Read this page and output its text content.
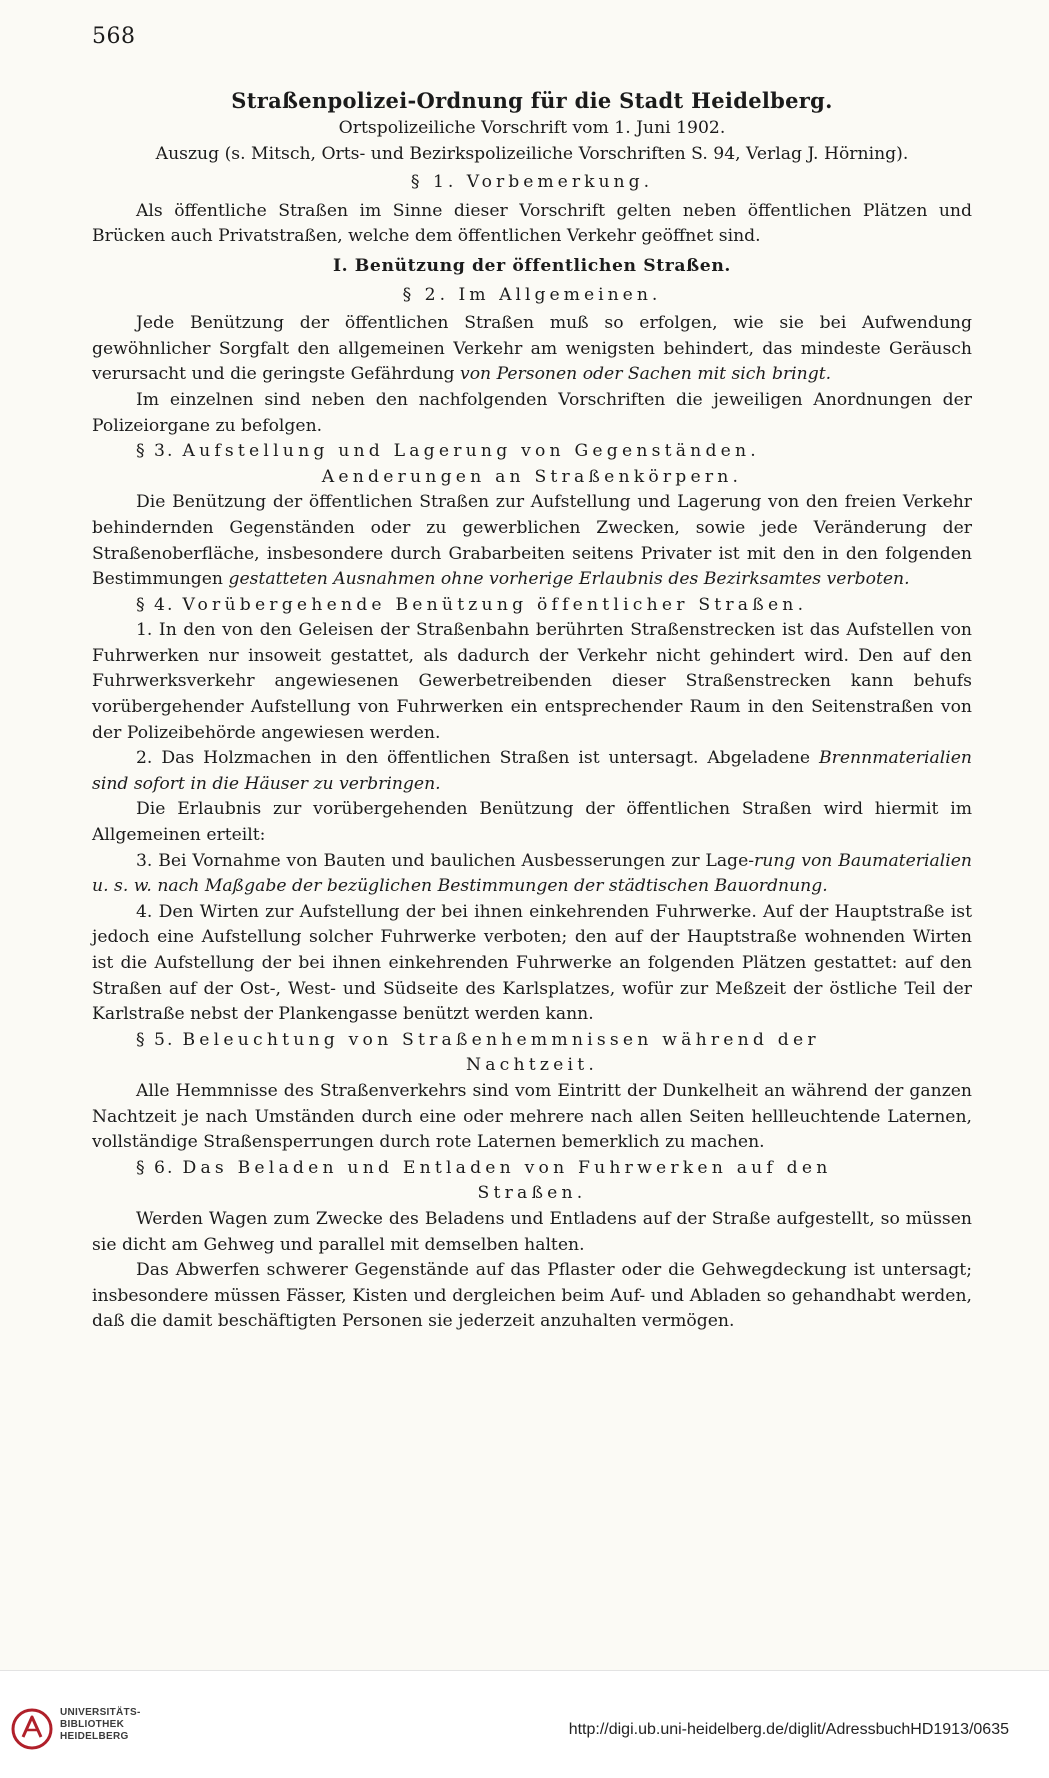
568
Straßenpolizei-Ordnung für die Stadt Heidelberg.
Ortspolizeiliche Vorschrift vom 1. Juni 1902.
Auszug (s. Mitsch, Orts- und Bezirkspolizeiliche Vorschriften S. 94, Verlag J. Hörning).
§ 1. Vorbemerkung.

Als öffentliche Straßen im Sinne dieser Vorschrift gelten neben öffentlichen Plätzen und Brücken auch Privatstraßen, welche dem öffentlichen Verkehr geöffnet sind.

I. Benützung der öffentlichen Straßen.
§ 2. Im Allgemeinen.

Jede Benützung der öffentlichen Straßen muß so erfolgen, wie sie bei Aufwendung gewöhnlicher Sorgfalt den allgemeinen Verkehr am wenigsten behindert, das mindeste Geräusch verursacht und die geringste Gefährdung von Personen oder Sachen mit sich bringt.

Im einzelnen sind neben den nachfolgenden Vorschriften die jeweiligen Anordnungen der Polizeiorgane zu befolgen.

§ 3. Aufstellung und Lagerung von Gegenständen.

Aenderungen an Straßenkörpern.

Die Benützung der öffentlichen Straßen zur Aufstellung und Lagerung von den freien Verkehr behindernden Gegenständen oder zu gewerblichen Zwecken, sowie jede Veränderung der Straßenoberfläche, insbesondere durch Grabarbeiten seitens Privater ist mit den in den folgenden Bestimmungen gestatteten Ausnahmen ohne vorherige Erlaubnis des Bezirksamtes verboten.

§ 4. Vorübergehende Benützung öffentlicher Straßen.

1. In den von den Geleisen der Straßenbahn berührten Straßenstrecken ist das Aufstellen von Fuhrwerken nur insoweit gestattet, als dadurch der Verkehr nicht gehindert wird. Den auf den Fuhrwerksverkehr angewiesenen Gewerbetreibenden dieser Straßenstrecken kann behufs vorübergehender Aufstellung von Fuhrwerken ein entsprechender Raum in den Seitenstraßen von der Polizeibehörde angewiesen werden.

2. Das Holzmachen in den öffentlichen Straßen ist untersagt. Abgeladene Brennmaterialien sind sofort in die Häuser zu verbringen.

Die Erlaubnis zur vorübergehenden Benützung der öffentlichen Straßen wird hiermit im Allgemeinen erteilt:

3. Bei Vornahme von Bauten und baulichen Ausbesserungen zur Lage-rung von Baumaterialien u. s. w. nach Maßgabe der bezüglichen Bestimmungen der städtischen Bauordnung.

4. Den Wirten zur Aufstellung der bei ihnen einkehrenden Fuhrwerke. Auf der Hauptstraße ist jedoch eine Aufstellung solcher Fuhrwerke verboten; den auf der Hauptstraße wohnenden Wirten ist die Aufstellung der bei ihnen einkehrenden Fuhrwerke an folgenden Plätzen gestattet: auf den Straßen auf der Ost-, West- und Südseite des Karlsplatzes, wofür zur Meßzeit der östliche Teil der Karlstraße nebst der Plankengasse benützt werden kann.

§ 5. Beleuchtung von Straßenhemmnissen während der

Nachtzeit.

Alle Hemmnisse des Straßenverkehrs sind vom Eintritt der Dunkelheit an während der ganzen Nachtzeit je nach Umständen durch eine oder mehrere nach allen Seiten hellleuchtende Laternen, vollständige Straßensperrungen durch rote Laternen bemerklich zu machen.

§ 6. Das Beladen und Entladen von Fuhrwerken auf den

Straßen.

Werden Wagen zum Zwecke des Beladens und Entladens auf der Straße aufgestellt, so müssen sie dicht am Gehweg und parallel mit demselben halten.

Das Abwerfen schwerer Gegenstände auf das Pflaster oder die Gehwegdeckung ist untersagt; insbesondere müssen Fässer, Kisten und dergleichen beim Auf- und Abladen so gehandhabt werden, daß die damit beschäftigten Personen sie jederzeit anzuhalten vermögen.

UNIVERSITÄTS-
BIBLIOTHEK
HEIDELBERG	http://digi.ub.uni-heidelberg.de/diglit/AdressbuchHD1913/0635
